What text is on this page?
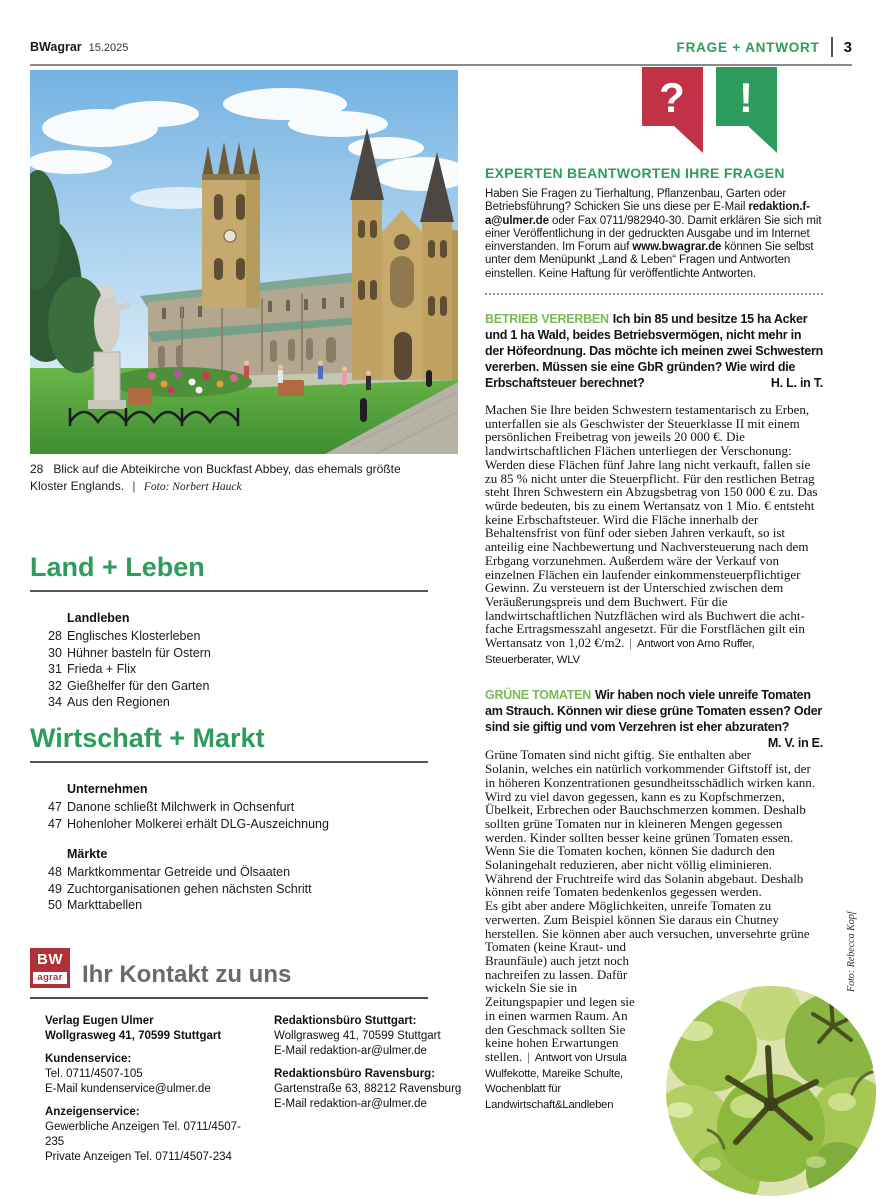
BWagrar 15.2025	FRAGE + ANTWORT 3
28 Blick auf die Abteikirche von Buckfast Abbey, das ehemals größte Kloster Englands. | Foto: Norbert Hauck
Land + Leben
Landleben
28 Englisches Klosterleben
30 Hühner basteln für Ostern
31 Frieda + Flix
32 Gießhelfer für den Garten
34 Aus den Regionen
Wirtschaft + Markt
Unternehmen
47 Danone schließt Milchwerk in Ochsenfurt
47 Hohenloher Molkerei erhält DLG-Auszeichnung
Märkte
48 Marktkommentar Getreide und Ölsaaten
49 Zuchtorganisationen gehen nächsten Schritt
50 Markttabellen
BW
agrar Ihr Kontakt zu uns
Verlag Eugen Ulmer
Wollgrasweg 41, 70599 Stuttgart
Kundenservice:
Tel. 0711/4507-105
E-Mail kundenservice@ulmer.de
Anzeigenservice:
Gewerbliche Anzeigen Tel. 0711/4507-235
Private Anzeigen Tel. 0711/4507-234
Redaktionsbüro Stuttgart:
Wollgrasweg 41, 70599 Stuttgart
E-Mail redaktion-ar@ulmer.de
Redaktionsbüro Ravensburg:
Gartenstraße 63, 88212 Ravensburg
E-Mail redaktion-ar@ulmer.de
? !
EXPERTEN BEANTWORTEN IHRE FRAGEN

Haben Sie Fragen zu Tierhaltung, Pflanzenbau, Garten oder Betriebsführung? Schicken Sie uns diese per E-Mail redaktion.f-a@ulmer.de oder Fax 0711/982940-30. Damit erklären Sie sich mit einer Veröffentlichung in der gedruckten Ausgabe und im Internet einverstanden. Im Forum auf www.bwagrar.de können Sie selbst unter dem Menüpunkt „Land & Leben“ Fragen und Antworten einstellen. Keine Haftung für veröffentlichte Antworten.

BETRIEB VERERBEN Ich bin 85 und besitze 15 ha Acker und 1 ha Wald, beides Betriebsvermögen, nicht mehr in der Höfeordnung. Das möchte ich meinen zwei Schwestern vererben. Müssen sie eine GbR gründen? Wie wird die Erbschaftsteuer berechnet?	H. L. in T.

Machen Sie Ihre beiden Schwestern testamentarisch zu Erben, unterfallen sie als Geschwister der Steuerklasse II mit einem persönlichen Freibetrag von jeweils 20 000 €. Die landwirtschaftlichen Flächen unterliegen der Verschonung: Werden diese Flächen fünf Jahre lang nicht verkauft, fallen sie zu 85 % nicht unter die Steuerpflicht. Für den restlichen Betrag steht Ihren Schwestern ein Abzugsbetrag von 150 000 € zu. Das würde bedeuten, bis zu einem Wertansatz von 1 Mio. € entsteht keine Erbschaftsteuer. Wird die Fläche innerhalb der Behaltensfrist von fünf oder sieben Jahren verkauft, so ist anteilig eine Nachbewertung und Nachversteuerung nach dem Erbgang vorzunehmen. Außerdem wäre der Verkauf von einzelnen Flächen ein laufender einkommensteuerpflichtiger Gewinn. Zu versteuern ist der Unterschied zwischen dem Veräußerungspreis und dem Buchwert. Für die landwirtschaftlichen Nutzflächen wird als Buchwert die acht-fache Ertragsmesszahl angesetzt. Für die Forstflächen gilt ein Wertansatz von 1,02 €/m2. | Antwort von Arno Ruffer, Steuerberater, WLV

GRÜNE TOMATEN Wir haben noch viele unreife Tomaten am Strauch. Können wir diese grüne Tomaten essen? Oder sind sie giftig und vom Verzehren ist eher abzuraten?
M. V. in E.

Grüne Tomaten sind nicht giftig. Sie enthalten aber Solanin, welches ein natürlich vorkommender Giftstoff ist, der in höheren Konzentrationen gesundheitsschädlich wirken kann. Wird zu viel davon gegessen, kann es zu Kopfschmerzen, Übelkeit, Erbrechen oder Bauchschmerzen kommen. Deshalb sollten grüne Tomaten nur in kleineren Mengen gegessen werden. Kinder sollten besser keine grünen Tomaten essen. Wenn Sie die Tomaten kochen, können Sie dadurch den Solaningehalt reduzieren, aber nicht völlig eliminieren.

Während der Fruchtreife wird das Solanin abgebaut. Deshalb können reife Tomaten bedenkenlos gegessen werden.

Es gibt aber andere Möglichkeiten, unreife Tomaten zu verwerten. Zum Beispiel können Sie daraus ein Chutney herstellen. Sie können aber auch versuchen, unversehrte
grüne Tomaten (keine Kraut- und Braunfäule) auch jetzt noch nachreifen zu lassen. Dafür wickeln Sie sie in Zeitungspapier und legen sie in einen warmen Raum. An den Geschmack sollten Sie keine hohen Erwartungen stellen. | Antwort von Ursula Wulfekotte, Mareike Schulte, Wochenblatt für Landwirtschaft&Landleben

Foto: Rebecca Kopf
